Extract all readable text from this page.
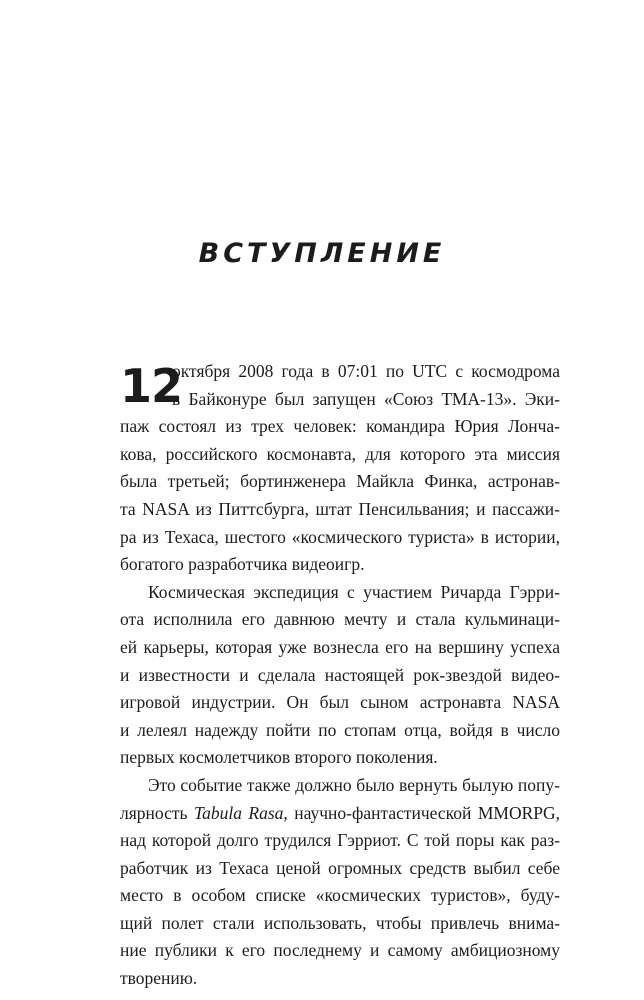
ВСТУПЛЕНИЕ
12
октября 2008 года в 07:01 по UTC с космодрома
в Байконуре был запущен «Союз ТМА-13». Эки-
паж состоял из трех человек: командира Юрия Лонча-
кова, российского космонавта, для которого эта миссия
была третьей; бортинженера Майкла Финка, астронав-
та NASA из Питтсбурга, штат Пенсильвания; и пассажи-
ра из Техаса, шестого «космического туриста» в истории,
богатого разработчика видеоигр.
Космическая экспедиция с участием Ричарда Гэрри-
ота исполнила его давнюю мечту и стала кульминаци-
ей карьеры, которая уже вознесла его на вершину успеха
и известности и сделала настоящей рок-звездой видео-
игровой индустрии. Он был сыном астронавта NASA
и лелеял надежду пойти по стопам отца, войдя в число
первых космолетчиков второго поколения.
Это событие также должно было вернуть былую попу-
лярность Tabula Rasa, научно-фантастической MMORPG,
над которой долго трудился Гэрриот. С той поры как раз-
работчик из Техаса ценой огромных средств выбил себе
место в особом списке «космических туристов», буду-
щий полет стали использовать, чтобы привлечь внима-
ние публики к его последнему и самому амбициозному
творению.
